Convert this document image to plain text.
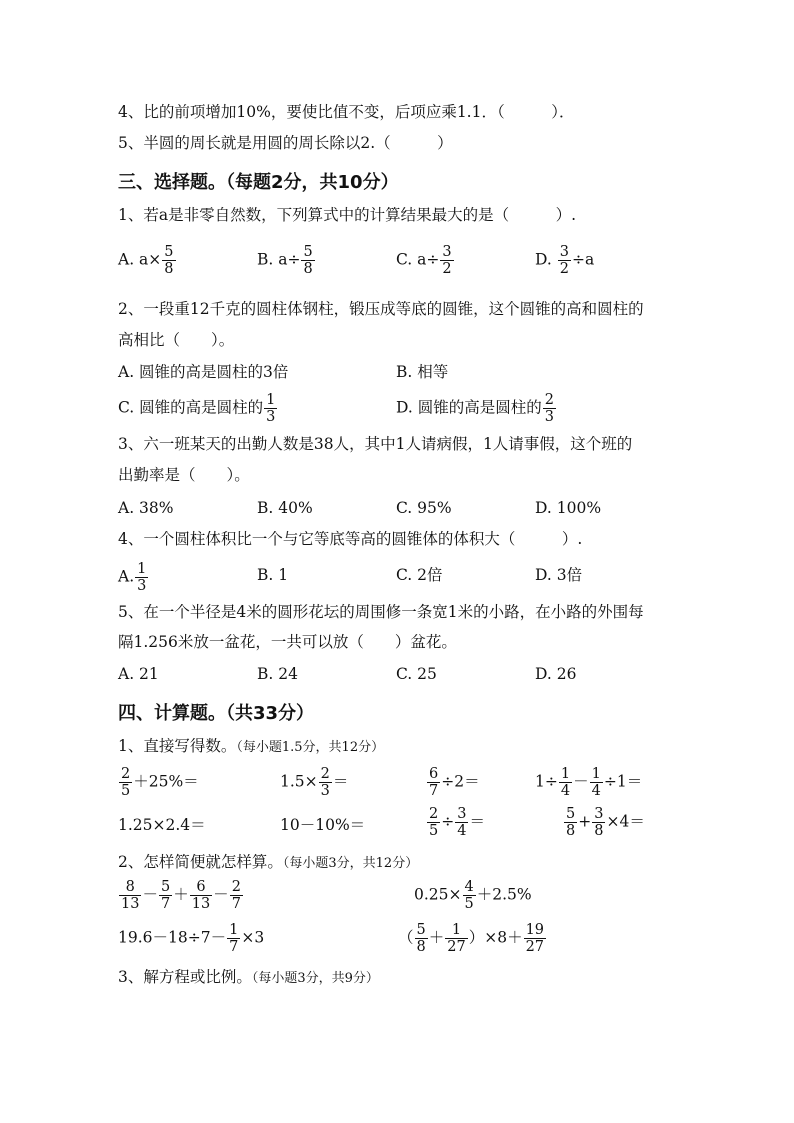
4、比的前项增加10%，要使比值不变，后项应乘1.1．（　　　）．
5、半圆的周长就是用圆的周长除以2.（　　　）
三、选择题。（每题2分，共10分）
1、若a是非零自然数，下列算式中的计算结果最大的是（　　　）.
A. $a\times \frac{5}{8}$	B. $a\div \frac{5}{8}$	C. $a\div \frac{3}{2}$	D. $\frac{3}{2} \div a$
2、一段重12千克的圆柱体钢柱，锻压成等底的圆锥，这个圆锥的高和圆柱的
高相比（　　）。
A. 圆锥的高是圆柱的3倍	B. 相等
C. 圆锥的高是圆柱的 $\frac{1}{3}$	D. 圆锥的高是圆柱的 $\frac{2}{3}$
3、六一班某天的出勤人数是38人，其中1人请病假，1人请事假，这个班的
出勤率是（　　）。
A. 38%	B. 40%	C. 95%	D. 100%
4、一个圆柱体积比一个与它等底等高的圆锥体的体积大（　　　）.
A. $\frac{1}{3}$	B. 1	C. 2倍	D. 3倍
5、在一个半径是4米的圆形花坛的周围修一条宽1米的小路，在小路的外围每
隔1.256米放一盆花，一共可以放（　　）盆花。
A. 21	B. 24	C. 25	D. 26
四、计算题。（共33分）
1、直接写得数。（每小题1.5分，共12分）
$\frac{2}{5} +25\%=$	$1.5\times \frac{2}{3}$ ＝	$\frac{6}{7} \div 2=$	$1\div \frac{1}{4} - \frac{1}{4} \div 1=$
1.25×2.4＝	10－10%＝	$\frac{2}{5} \div \frac{3}{4}$ ＝	$\frac{5}{8} + \frac{3}{8} \times 4=$
2、怎样简便就怎样算。（每小题3分，共12分）
$\frac{8}{13} - \frac{5}{7} + \frac{6}{13} - \frac{2}{7}$	$0.25\times \frac{4}{5} +2.5\%$
$19.6-18\div 7- \frac{1}{7} \times 3$	（ $\frac{5}{8} + \frac{1}{27} )\times 8+ \frac{19}{27}$
3、解方程或比例。（每小题3分，共9分）
